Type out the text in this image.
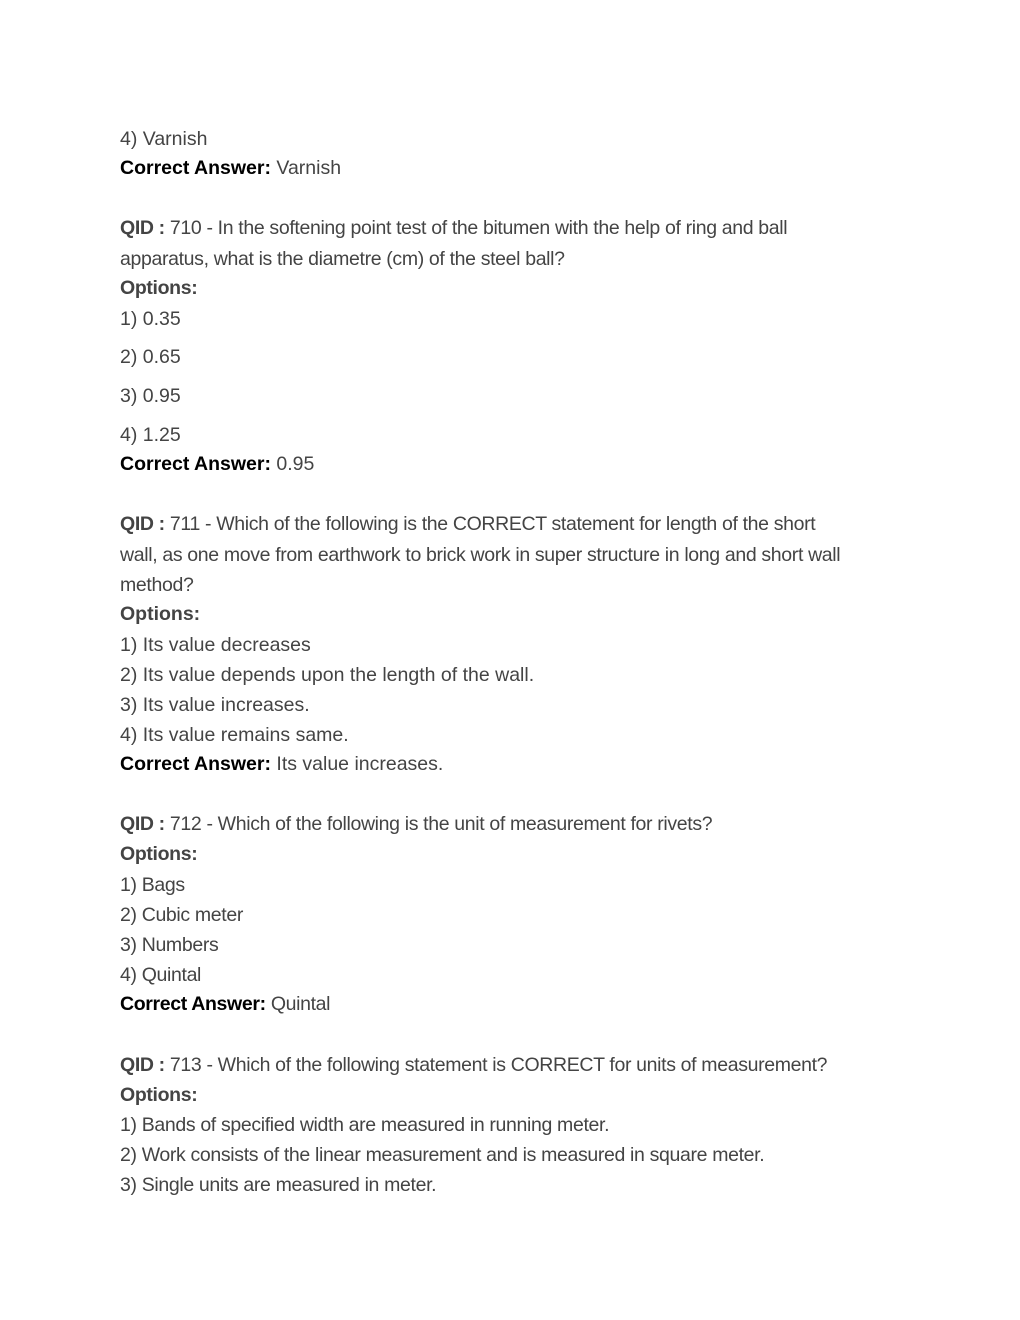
4) Varnish
Correct Answer: Varnish
QID : 710 - In the softening point test of the bitumen with the help of ring and ball
apparatus, what is the diametre (cm) of the steel ball?
Options:
1) 0.35
2) 0.65
3) 0.95
4) 1.25
Correct Answer: 0.95
QID : 711 - Which of the following is the CORRECT statement for length of the short
wall, as one move from earthwork to brick work in super structure in long and short wall
method?
Options:
1) Its value decreases
2) Its value depends upon the length of the wall.
3) Its value increases.
4) Its value remains same.
Correct Answer: Its value increases.
QID : 712 - Which of the following is the unit of measurement for rivets?
Options:
1) Bags
2) Cubic meter
3) Numbers
4) Quintal
Correct Answer: Quintal
QID : 713 - Which of the following statement is CORRECT for units of measurement?
Options:
1) Bands of specified width are measured in running meter.
2) Work consists of the linear measurement and is measured in square meter.
3) Single units are measured in meter.
